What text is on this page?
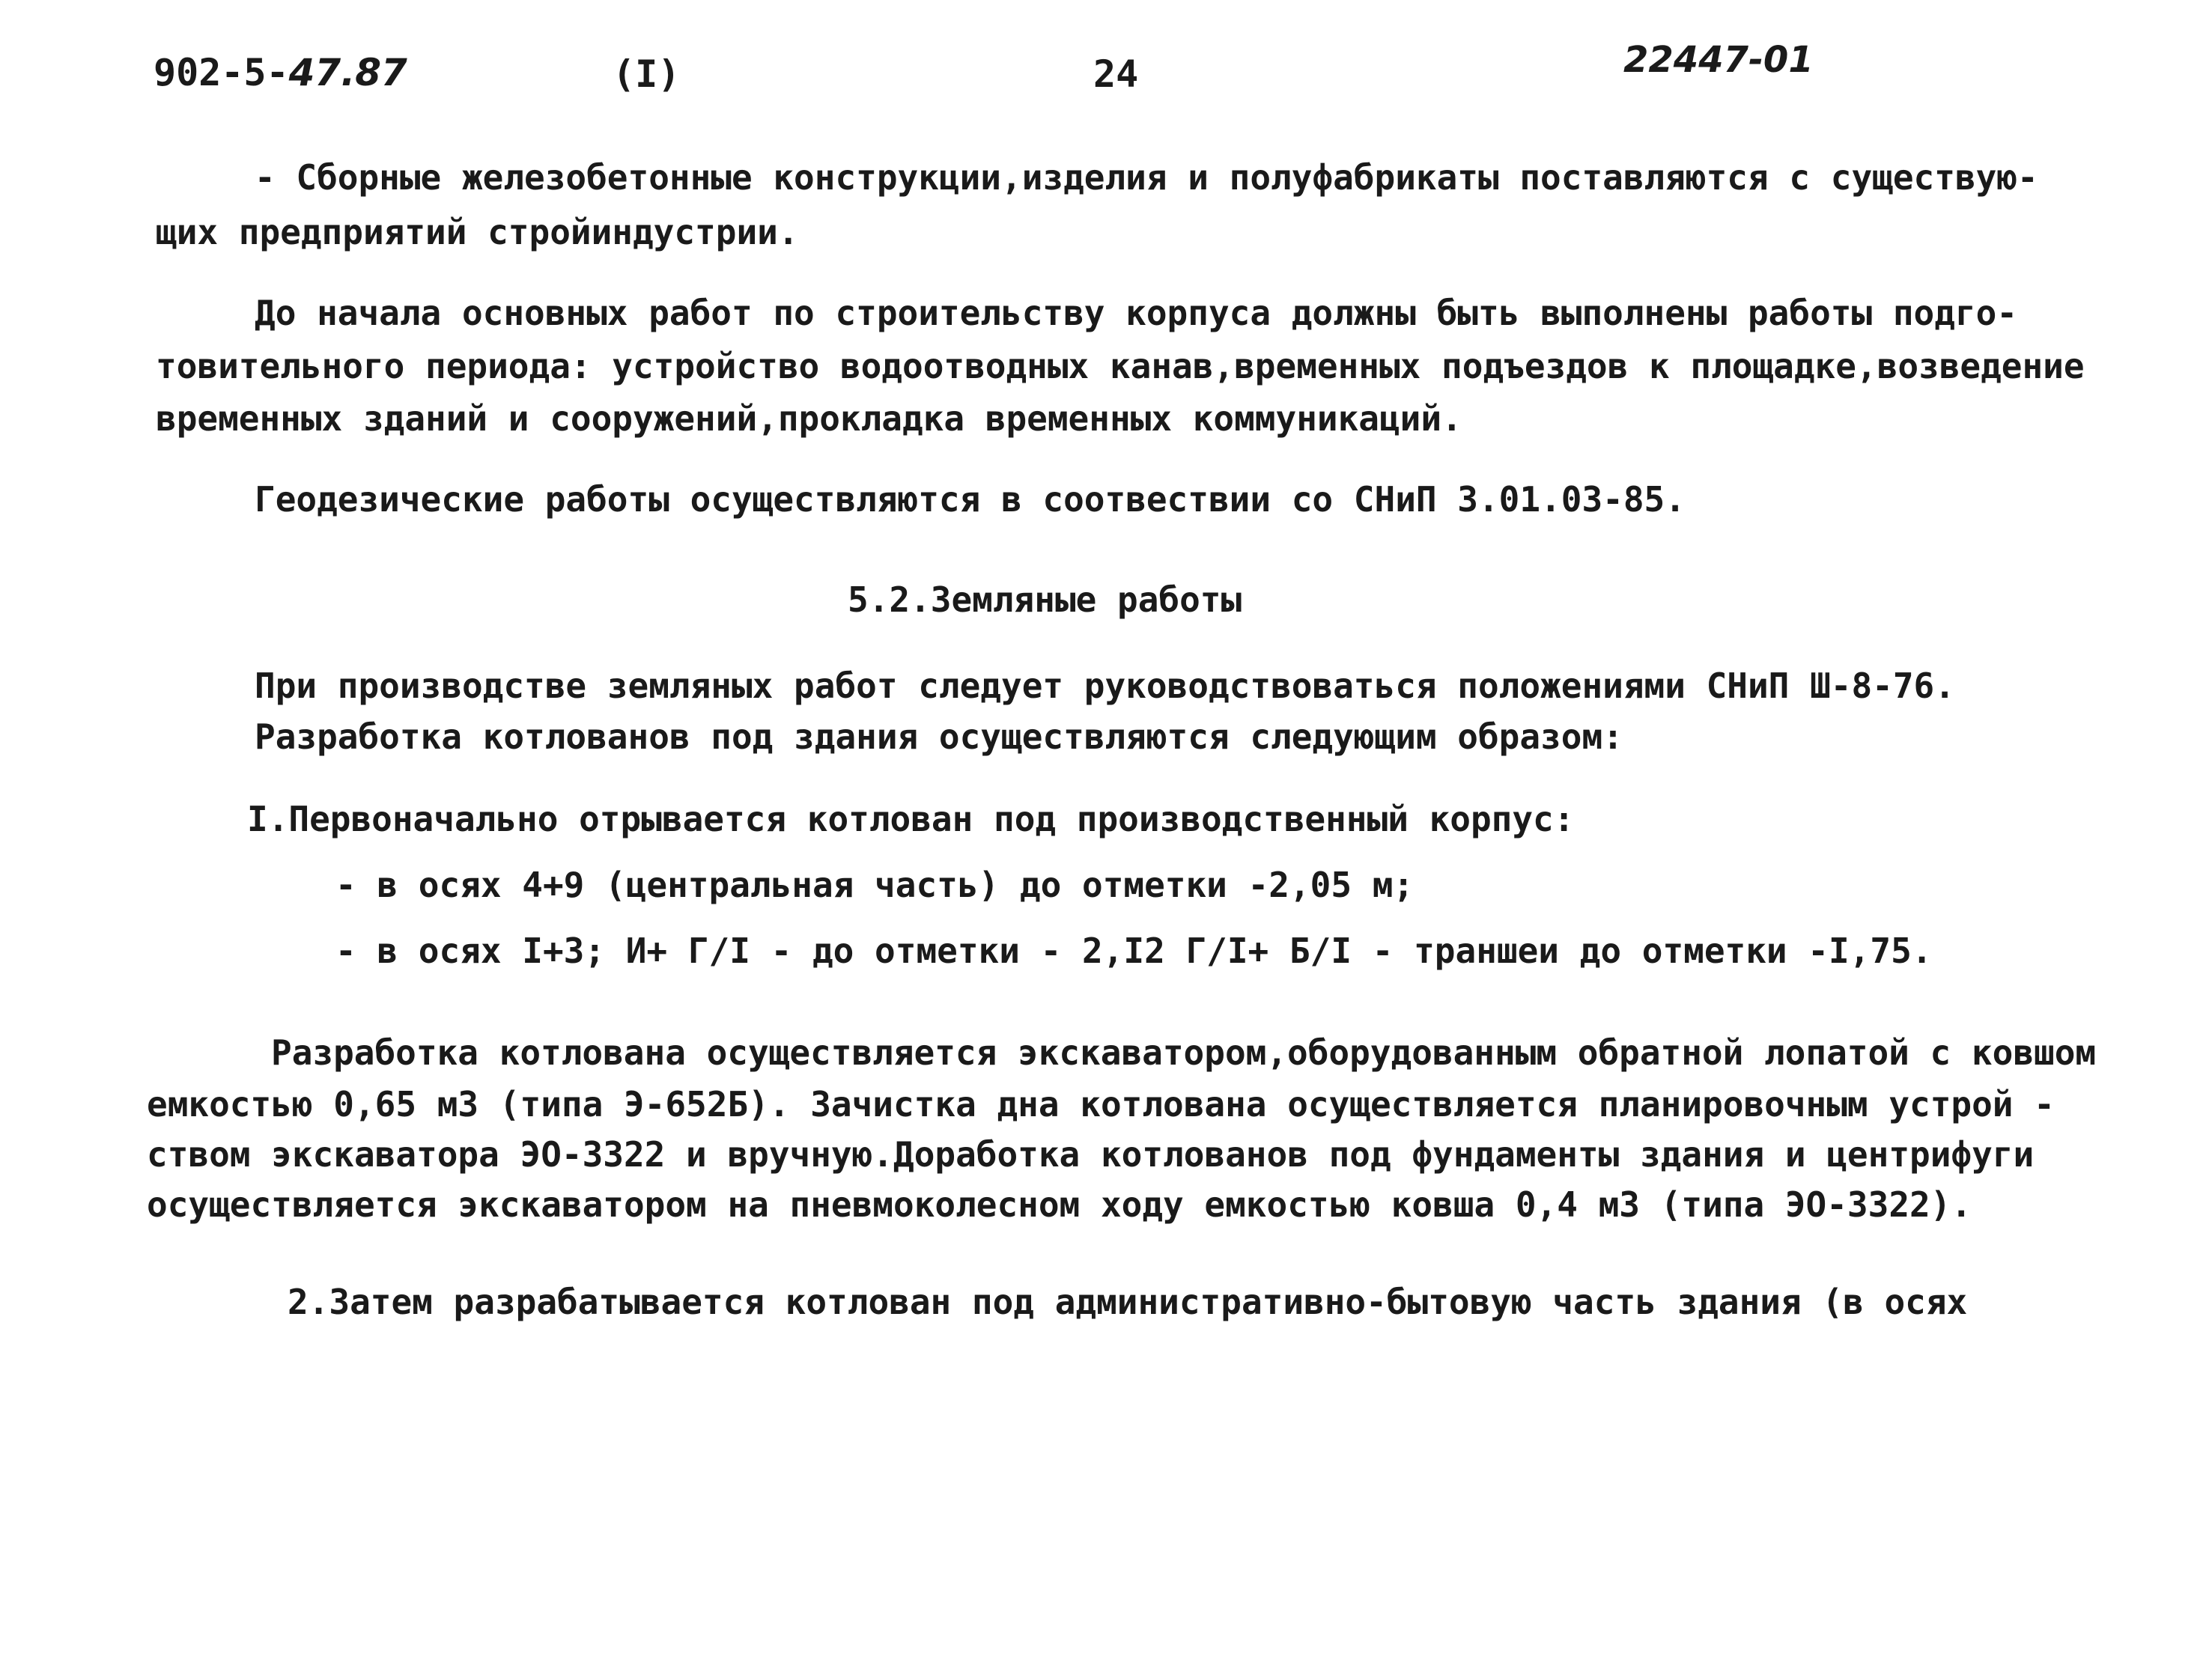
902-5-47.87	(I)	24	22447-01
- Сборные железобетонные конструкции,изделия и полуфабрикаты поставляются с существую-
щих предприятий стройиндустрии.
До начала основных работ по строительству корпуса должны быть выполнены работы подго-
товительного периода: устройство водоотводных канав,временных подъездов к площадке,возведение
временных зданий и сооружений,прокладка временных коммуникаций.
Геодезические работы осуществляются в соотвествии со СНиП 3.01.03-85.
5.2.Земляные работы
При производстве земляных работ следует руководствоваться положениями СНиП Ш-8-76.
Разработка котлованов под здания осуществляются следующим образом:
I.Первоначально отрывается котлован под производственный корпус:
- в осях 4+9 (центральная часть) до отметки -2,05 м;
- в осях I+3; И+ Г/I - до отметки - 2,I2 Г/I+ Б/I - траншеи до отметки -I,75.
Разработка котлована осуществляется экскаватором,оборудованным обратной лопатой с ковшом
емкостью 0,65 м3 (типа Э-652Б). Зачистка дна котлована осуществляется планировочным устрой -
ством экскаватора ЭО-3322 и вручную.Доработка котлованов под фундаменты здания и центрифуги
осуществляется экскаватором на пневмоколесном ходу емкостью ковша 0,4 м3 (типа ЭО-3322).
2.Затем разрабатывается котлован под административно-бытовую часть здания (в осях
